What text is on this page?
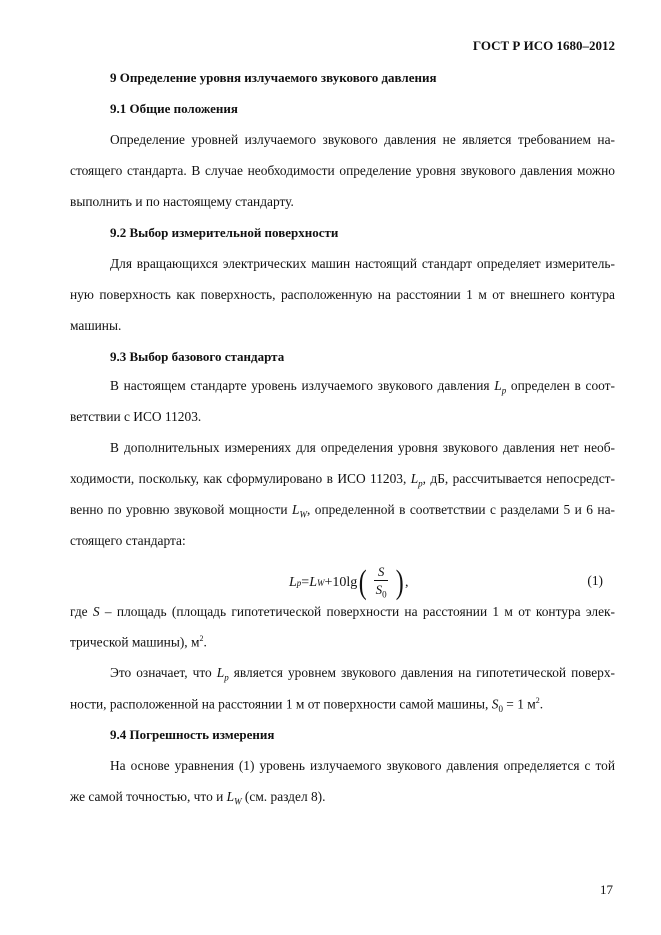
ГОСТ Р ИСО 1680–2012
9 Определение уровня излучаемого звукового давления
9.1 Общие положения
Определение уровней излучаемого звукового давления не является требованием на-
стоящего стандарта. В случае необходимости определение уровня звукового давления можно
выполнить и по настоящему стандарту.
9.2 Выбор измерительной поверхности
Для вращающихся электрических машин настоящий стандарт определяет измеритель-
ную поверхность как поверхность, расположенную на расстоянии 1 м от внешнего контура
машины.
9.3 Выбор базового стандарта
В настоящем стандарте уровень излучаемого звукового давления $L_p$ определен в соот-
ветствии с ИСО 11203.
В дополнительных измерениях для определения уровня звукового давления нет необ-
ходимости, поскольку, как сформулировано в ИСО 11203, $L_p$, дБ, рассчитывается непосредст-
венно по уровню звуковой мощности $L_W$, определенной в соответствии с разделами 5 и 6 на-
стоящего стандарта:
L p = L W +10lg ( $\frac{S}{S_0}$ ) ,	(1)
где S – площадь (площадь гипотетической поверхности на расстоянии 1 м от контура элек-
трической машины), $м^2$.
Это означает, что $L_p$ является уровнем звукового давления на гипотетической поверх-
ности, расположенной на расстоянии 1 м от поверхности самой машины, $S_0 = 1$ $м^2$.
9.4 Погрешность измерения
На основе уравнения (1) уровень излучаемого звукового давления определяется с той
же самой точностью, что и $L_W$ (см. раздел 8).
17
